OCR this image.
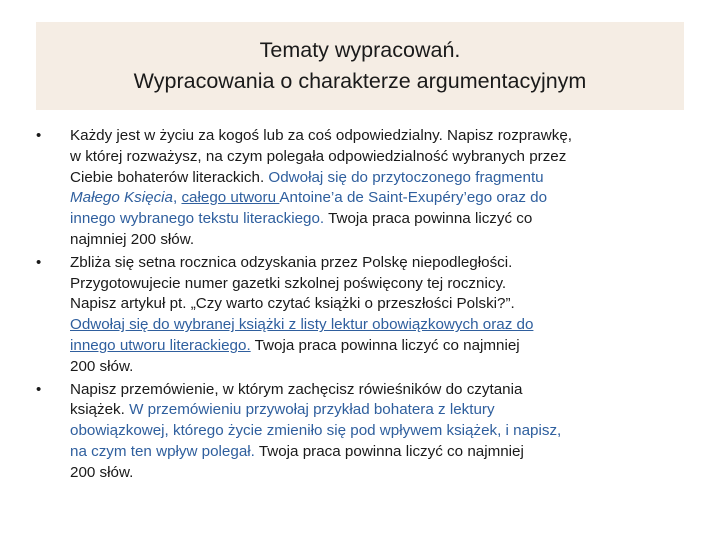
Tematy wypracowań.
Wypracowania o charakterze argumentacyjnym
•	Każdy jest w życiu za kogoś lub za coś odpowiedzialny. Napisz rozprawkę,
w której rozważysz, na czym polegała odpowiedzialność wybranych przez
Ciebie bohaterów literackich. Odwołaj się do przytoczonego fragmentu
Małego Księcia, całego utworu Antoine’a de Saint-Exupéry’ego oraz do
innego wybranego tekstu literackiego. Twoja praca powinna liczyć co
najmniej 200 słów.
•	Zbliża się setna rocznica odzyskania przez Polskę niepodległości.
Przygotowujecie numer gazetki szkolnej poświęcony tej rocznicy.
Napisz artykuł pt. „Czy warto czytać książki o przeszłości Polski?”.
Odwołaj się do wybranej książki z listy lektur obowiązkowych oraz do
innego utworu literackiego. Twoja praca powinna liczyć co najmniej
200 słów.
•	Napisz przemówienie, w którym zachęcisz rówieśników do czytania
książek. W przemówieniu przywołaj przykład bohatera z lektury
obowiązkowej, którego życie zmieniło się pod wpływem książek, i napisz,
na czym ten wpływ polegał. Twoja praca powinna liczyć co najmniej
200 słów.
